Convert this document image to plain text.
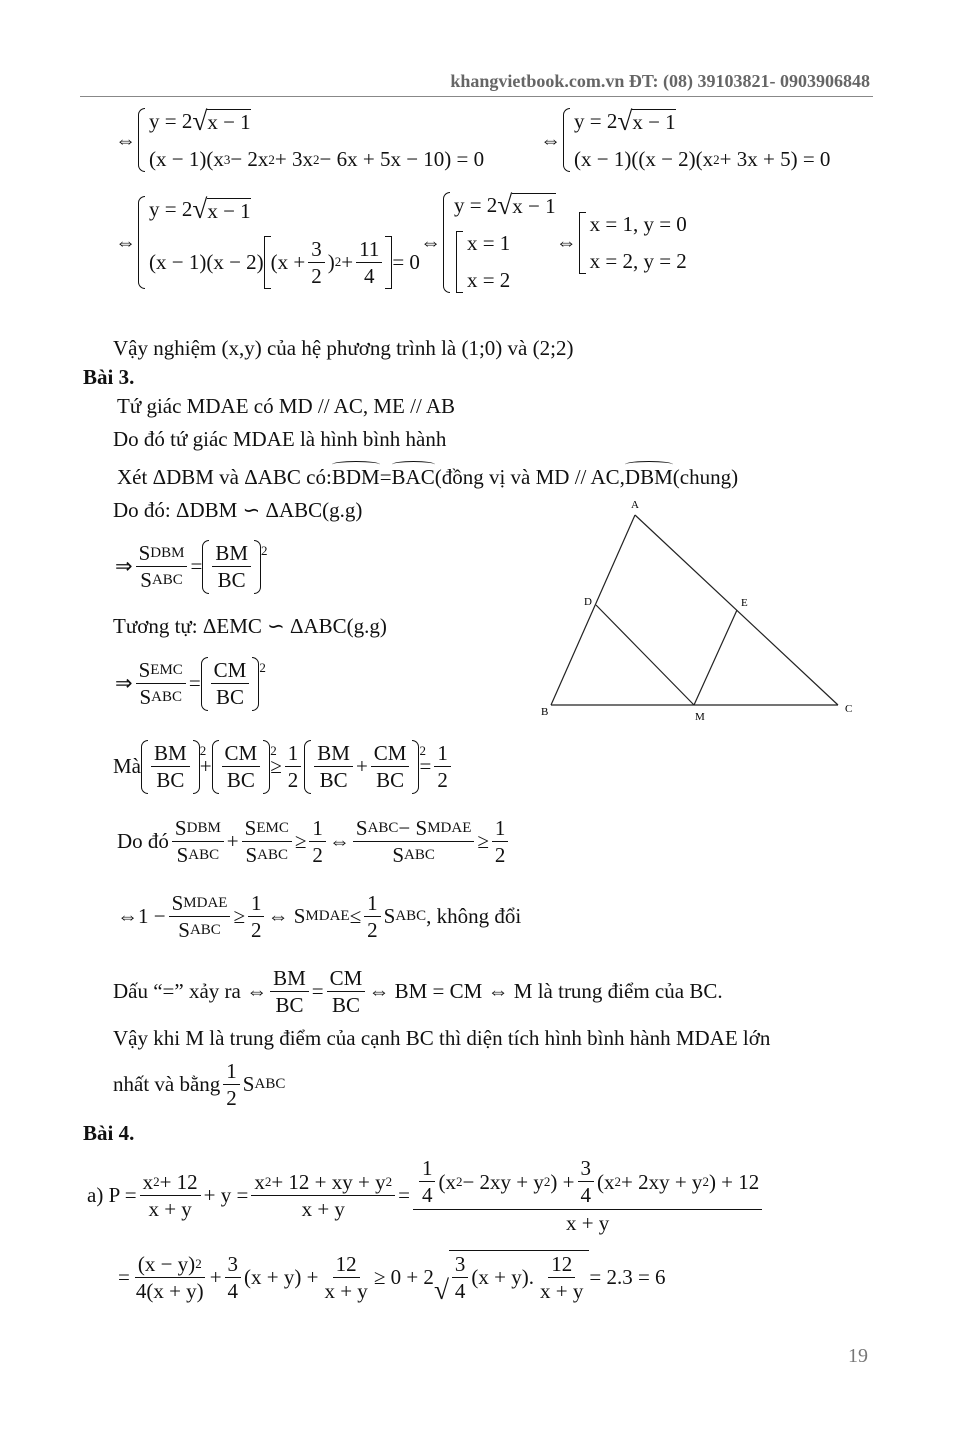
khangvietbook.com.vn ĐT: (08) 39103821- 0903906848
⇔
y = 2 √ x − 1
(x − 1)(x 3 − 2x 2 + 3x 2 − 6x + 5x − 10) = 0
⇔
y = 2 √ x − 1
(x − 1)((x − 2)(x 2 + 3x + 5) = 0
⇔
y = 2 √ x − 1
(x − 1)(x − 2) ($x + \frac{3}{2}$ ) $2 + \frac{11}{4} = 0$
⇔
y = 2 √ x − 1
x = 1
x = 2
⇔
x = 1, y = 0
x = 2, y = 2
Vậy nghiệm (x,y) của hệ phương trình là (1;0) và (2;2)
Bài 3.
Tứ giác MDAE có MD // AC, ME // AB
Do đó tứ giác MDAE là hình bình hành
Xét ΔDBM và ΔABC có: BDM = BAC (đồng vị và MD // AC, DBM (chung)
Do đó: ΔDBM ∽ ΔABC(g.g)
⇒
S DBM
S ABC
= $\frac{BM}{BC} 2$
Tương tự: ΔEMC ∽ ΔABC(g.g)
⇒
S EMC
S ABC
= $\frac{CM}{BC} 2$
Mà $\frac{BM}{BC} 2$
+ $\frac{CM}{BC} 2$
≥ $\frac{1}{2} \frac{BM}{BC} + \frac{CM}{BC} 2$
= $\frac{1}{2}$
Do đó
S DBM
S ABC
+
S EMC
S ABC
≥ $\frac{1}{2}$ ⇔
S ABC − S MDAE
S ABC
≥ $\frac{1}{2}$
⇔1 −
S MDAE
S ABC
≥ $\frac{1}{2}$ ⇔ S MDAE ≤ $\frac{1}{2}$ S ABC , không đổi
Dấu “=” xảy ra ⇔ $\frac{BM}{BC} = \frac{CM}{BC}$ ⇔ BM = CM ⇔ M là trung điểm của BC.
Vậy khi M là trung điểm của cạnh BC thì diện tích hình bình hành MDAE lớn
nhất và bằng $\frac{1}{2}$ S ABC
Bài 4.
a) $P = \frac{x 2 + 12}{x + y} + y = \frac{x 2 + 12 + xy + y 2}{x + y} = \frac{\frac{1}{4} (x 2 - 2xy + y 2 ) + \frac{3}{4} (x 2 + 2xy + y 2 ) + 12}{x + y}$
= $\frac{(x - y) 2}{4(x + y)} + \frac{3}{4} (x + y) + \frac{12}{x + y} \ge 0 + 2$ √ $\frac{3}{4} (x + y)$. $\frac{12}{x + y} = 2.3 = 6$
A
B	C
D	E
M
19
